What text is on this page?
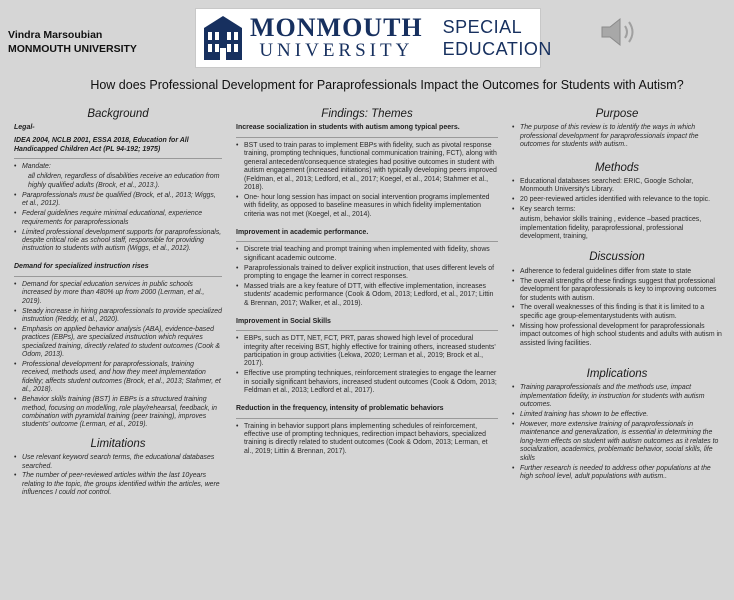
Vindra Marsoubian
MONMOUTH UNIVERSITY
MONMOUTH
UNIVERSITY
SPECIAL
EDUCATION
How does Professional Development for Paraprofessionals Impact the Outcomes for Students with Autism?
Background
Legal-
IDEA 2004, NCLB 2001, ESSA 2018, Education for All Handicapped Children Act (PL 94-192; 1975)
• Mandate:
all children, regardless of disabilities receive an education from highly qualified adults (Brock, et al., 2013.).
• Paraprofessionals must be qualified (Brock, et al., 2013; Wiggs, et al., 2012).
• Federal guidelines require minimal educational, experience requirements for paraprofessionals
• Limited professional development supports for paraprofessionals, despite critical role as school staff, responsible for providing instruction to students with autism (Wiggs, et al., 2012).
Demand for specialized instruction rises
• Demand for special education services in public schools increased by more than 480% up from 2000 (Lerman, et al., 2019).
• Steady increase in hiring paraprofessionals to provide specialized instruction (Reddy, et al., 2020).
• Emphasis on applied behavior analysis (ABA), evidence-based practices (EBPs), are specialized instruction which requires specialized training, directly related to student outcomes (Cook & Odom, 2013).
• Professional development for paraprofessionals, training received, methods used, and how they meet implementation fidelity; affects student outcomes (Brock, et al., 2013; Stahmer, et al., 2018).
• Behavior skills training (BST) in EBPs is a structured training method, focusing on modelling, role play/rehearsal, feedback, in combination with pyramidal training (peer training), improves students' outcome (Lerman, et al., 2019).
Limitations
• Use relevant keyword search terms, the educational databases searched.
• The number of peer-reviewed articles within the last 10years relating to the topic, the groups identified within the articles, were influences I could not control.
Findings: Themes
Increase socialization in students with autism among typical peers.
• BST used to train paras to implement EBPs with fidelity, such as pivotal response training, prompting techniques, functional communication training, FCT), along with general antecedent/consequence strategies had positive outcomes in student with autism engagement (increased initiations) with typically developing peers improved (Feldman, et al., 2013; Ledford, et al., 2017; Koegel, et al., 2014; Stahmer et al., 2018).
• One- hour long session has impact on social intervention programs implemented with fidelity, as opposed to baseline measures in which fidelity implementation criteria was not met (Koegel, et al., 2014).
Improvement in academic performance.
• Discrete trial teaching and prompt training when implemented with fidelity, shows significant academic outcome.
• Paraprofessionals trained to deliver explicit instruction, that uses different levels of prompting to engage the learner in correct responses.
• Massed trials are a key feature of DTT, with effective implementation, increases students' academic performance (Cook & Odom, 2013; Ledford, et al., 2017; Littin & Brennan, 2017; Walker, et al., 2019).
Improvement in Social Skills
• EBPs, such as DTT, NET, FCT, PRT, paras showed high level of procedural integrity after receiving BST, highly effective for training others, increased students' participation in group activities (Lekwa, 2020; Lerman et al., 2019; Brock et al., 2017).
• Effective use prompting techniques, reinforcement strategies to engage the learner in socially significant behaviors, increased student outcomes (Cook & Odom, 2013; Feldman et al., 2013; Ledford et al., 2017).
Reduction in the frequency, intensity of problematic behaviors
• Training in behavior support plans implementing schedules of reinforcement, effective use of prompting techniques, redirection impact behaviors, specialized training is directly related to student outcomes (Cook & Odom, 2013; Lerman, et al., 2019; Littin & Brennan, 2017).
Purpose
• The purpose of this review is to identify the ways in which professional development for paraprofessionals impact the outcomes for students with autism..
Methods
• Educational databases searched: ERIC, Google Scholar, Monmouth University's Library.
• 20 peer-reviewed articles identified with relevance to the topic.
• Key search terms:
autism, behavior skills training , evidence –based practices, implementation fidelity, paraprofessional, professional development, training,
Discussion
• Adherence to federal guidelines differ from state to state
• The overall strengths of these findings suggest that professional development for paraprofessionals is key to improving outcomes for students with autism.
• The overall weaknesses of this finding is that it is limited to a specific age group-elementarystudents with autism.
• Missing how professional development for paraprofessionals impact outcomes of high school students and adults with autism in assisted living facilities.
Implications
• Training paraprofessionals and the methods use, impact implementation fidelity, in instruction for students with autism outcomes.
• Limited training has shown to be effective.
• However, more extensive training of paraprofessionals in maintenance and generalization, is essential in determining the long-term effects on student with autism outcomes as it relates to socialization, academics, problematic behavior, social skills, life skills
• Further research is needed to address other populations at the high school level, adult populations with autism..
